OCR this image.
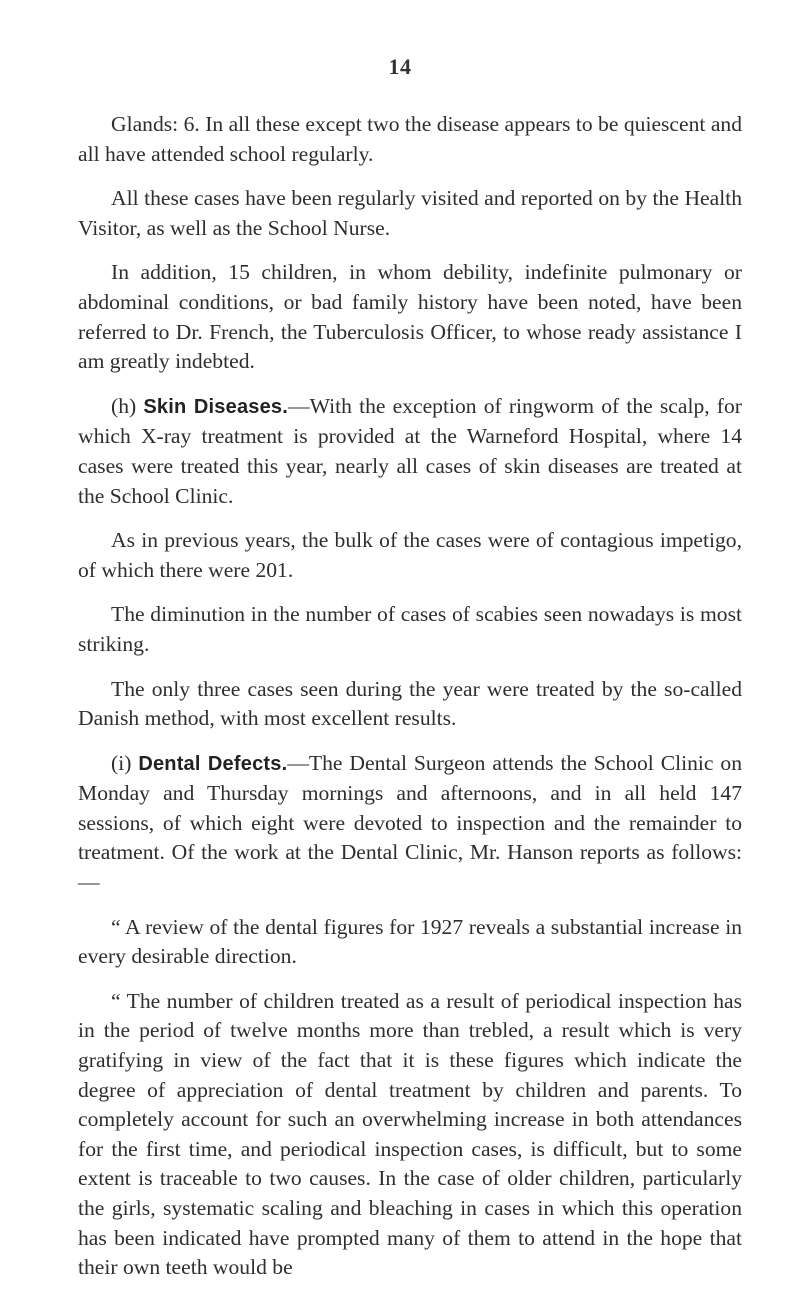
14

Glands: 6. In all these except two the disease appears to be quiescent and all have attended school regularly.

All these cases have been regularly visited and reported on by the Health Visitor, as well as the School Nurse.

In addition, 15 children, in whom debility, indefinite pulmonary or abdominal conditions, or bad family history have been noted, have been referred to Dr. French, the Tuberculosis Officer, to whose ready assistance I am greatly indebted.

(h) Skin Diseases.—With the exception of ringworm of the scalp, for which X-ray treatment is provided at the Warneford Hospital, where 14 cases were treated this year, nearly all cases of skin diseases are treated at the School Clinic.

As in previous years, the bulk of the cases were of contagious impetigo, of which there were 201.

The diminution in the number of cases of scabies seen nowadays is most striking.

The only three cases seen during the year were treated by the so-called Danish method, with most excellent results.

(i) Dental Defects.—The Dental Surgeon attends the School Clinic on Monday and Thursday mornings and afternoons, and in all held 147 sessions, of which eight were devoted to inspection and the remainder to treatment. Of the work at the Dental Clinic, Mr. Hanson reports as follows: —

“ A review of the dental figures for 1927 reveals a substantial increase in every desirable direction.

“ The number of children treated as a result of periodical inspection has in the period of twelve months more than trebled, a result which is very gratifying in view of the fact that it is these figures which indicate the degree of appreciation of dental treatment by children and parents. To completely account for such an overwhelming increase in both attendances for the first time, and periodical inspection cases, is difficult, but to some extent is traceable to two causes. In the case of older children, particularly the girls, systematic scaling and bleaching in cases in which this operation has been indicated have prompted many of them to attend in the hope that their own teeth would be
